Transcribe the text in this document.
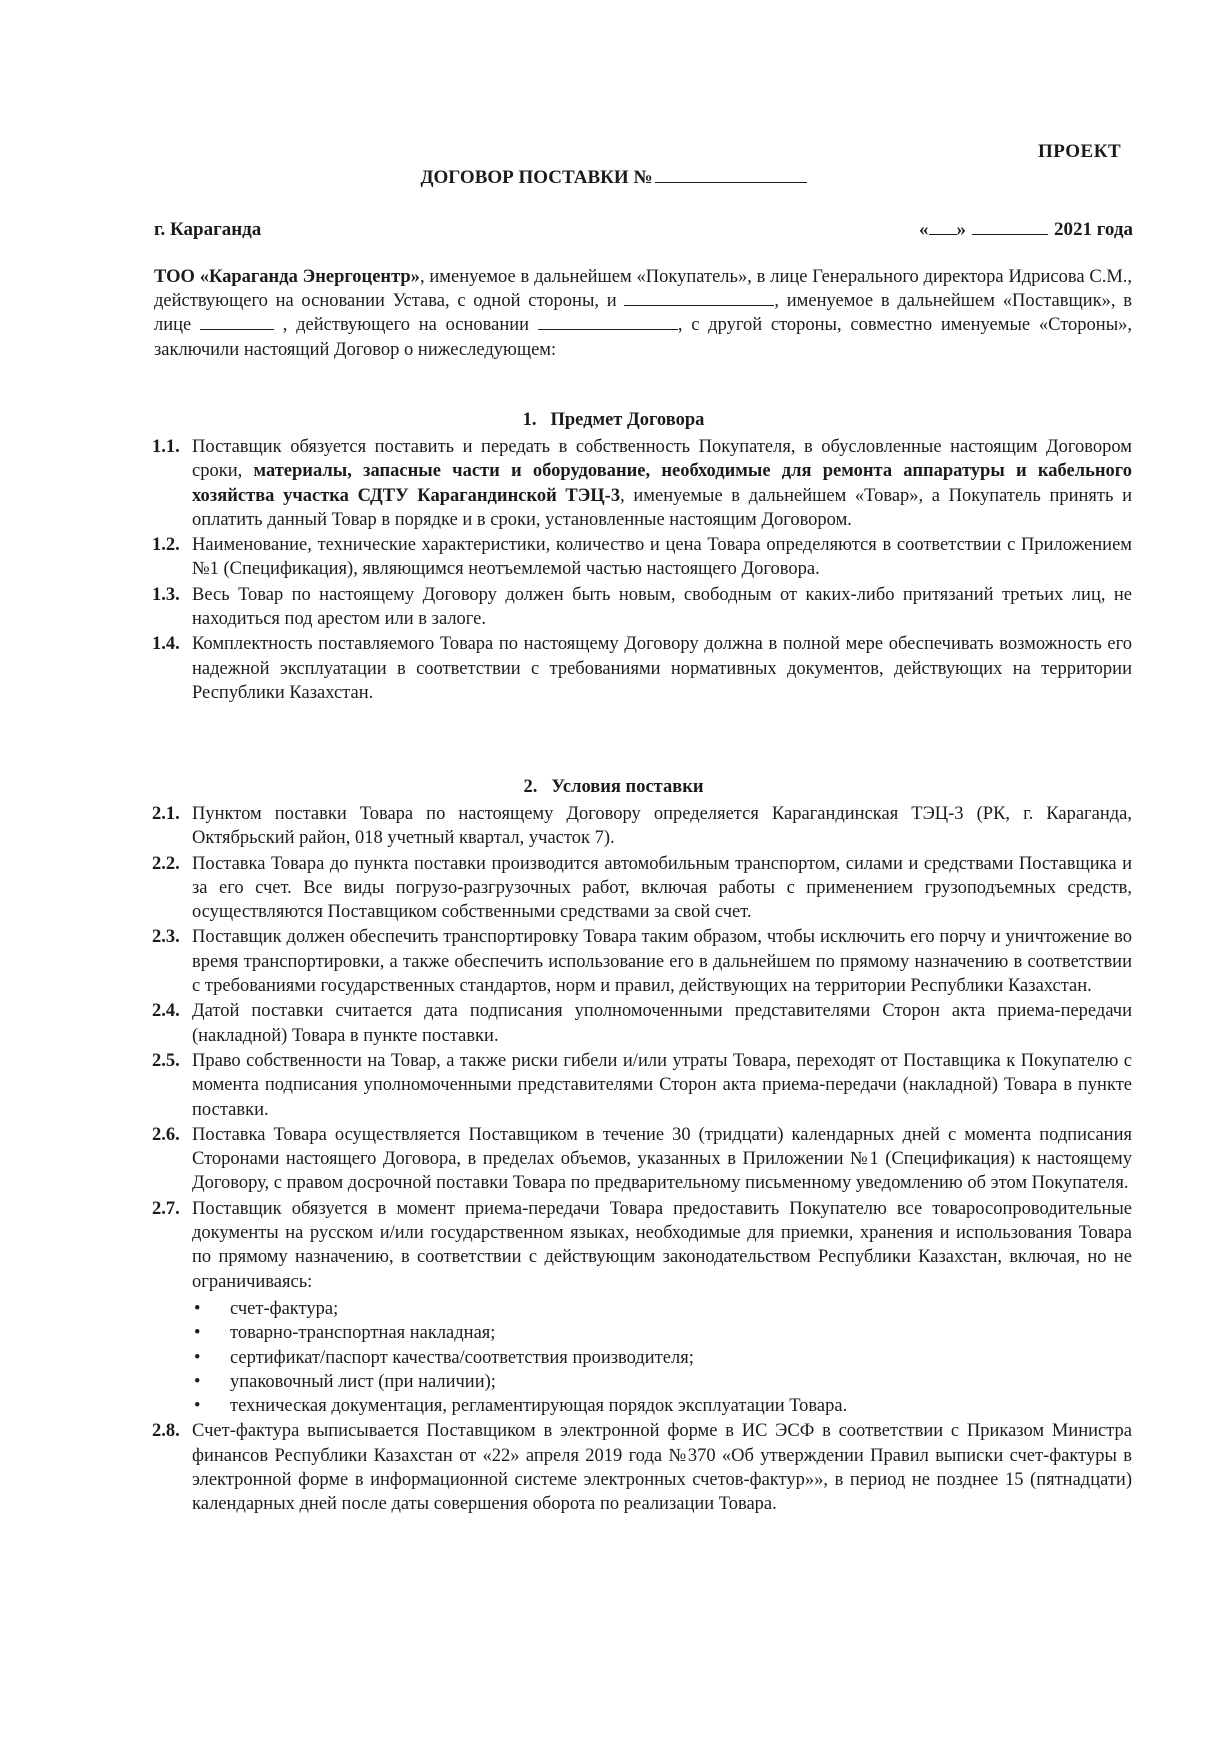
ПРОЕКТ
ДОГОВОР ПОСТАВКИ №
г. Караганда	« »	2021 года
ТОО «Караганда Энергоцентр», именуемое в дальнейшем «Покупатель», в лице Генерального директора Идрисова С.М., действующего на основании Устава, с одной стороны, и	, именуемое в дальнейшем «Поставщик», в лице	, действующего на основании	, с другой стороны, совместно именуемые «Стороны», заключили настоящий Договор о нижеследующем:
1. Предмет Договора
1.1. Поставщик обязуется поставить и передать в собственность Покупателя, в обусловленные настоящим Договором сроки, материалы, запасные части и оборудование, необходимые для ремонта аппаратуры и кабельного хозяйства участка СДТУ Карагандинской ТЭЦ-3, именуемые в дальнейшем «Товар», а Покупатель принять и оплатить данный Товар в порядке и в сроки, установленные настоящим Договором.
1.2. Наименование, технические характеристики, количество и цена Товара определяются в соответствии с Приложением №1 (Спецификация), являющимся неотъемлемой частью настоящего Договора.
1.3. Весь Товар по настоящему Договору должен быть новым, свободным от каких-либо притязаний третьих лиц, не находиться под арестом или в залоге.
1.4. Комплектность поставляемого Товара по настоящему Договору должна в полной мере обеспечивать возможность его надежной эксплуатации в соответствии с требованиями нормативных документов, действующих на территории Республики Казахстан.
2. Условия поставки
2.1. Пунктом поставки Товара по настоящему Договору определяется Карагандинская ТЭЦ-3 (РК, г. Караганда, Октябрьский район, 018 учетный квартал, участок 7).
2.2. Поставка Товара до пункта поставки производится автомобильным транспортом, силами и средствами Поставщика и за его счет. Все виды погрузо-разгрузочных работ, включая работы с применением грузоподъемных средств, осуществляются Поставщиком собственными средствами за свой счет.
2.3. Поставщик должен обеспечить транспортировку Товара таким образом, чтобы исключить его порчу и уничтожение во время транспортировки, а также обеспечить использование его в дальнейшем по прямому назначению в соответствии с требованиями государственных стандартов, норм и правил, действующих на территории Республики Казахстан.
2.4. Датой поставки считается дата подписания уполномоченными представителями Сторон акта приема-передачи (накладной) Товара в пункте поставки.
2.5. Право собственности на Товар, а также риски гибели и/или утраты Товара, переходят от Поставщика к Покупателю с момента подписания уполномоченными представителями Сторон акта приема-передачи (накладной) Товара в пункте поставки.
2.6. Поставка Товара осуществляется Поставщиком в течение 30 (тридцати) календарных дней с момента подписания Сторонами настоящего Договора, в пределах объемов, указанных в Приложении №1 (Спецификация) к настоящему Договору, с правом досрочной поставки Товара по предварительному письменному уведомлению об этом Покупателя.
2.7. Поставщик обязуется в момент приема-передачи Товара предоставить Покупателю все товаросопроводительные документы на русском и/или государственном языках, необходимые для приемки, хранения и использования Товара по прямому назначению, в соответствии с действующим законодательством Республики Казахстан, включая, но не ограничиваясь:
•	счет-фактура;
•	товарно-транспортная накладная;
•	сертификат/паспорт качества/соответствия производителя;
•	упаковочный лист (при наличии);
•	техническая документация, регламентирующая порядок эксплуатации Товара.
2.8. Счет-фактура выписывается Поставщиком в электронной форме в ИС ЭСФ в соответствии с Приказом Министра финансов Республики Казахстан от «22» апреля 2019 года №370 «Об утверждении Правил выписки счет-фактуры в электронной форме в информационной системе электронных счетов-фактур»», в период не позднее 15 (пятнадцати) календарных дней после даты совершения оборота по реализации Товара.
